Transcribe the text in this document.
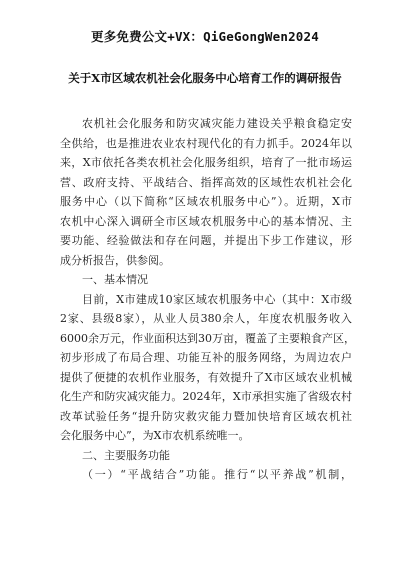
更多免费公文+VX：QiGeGongWen2024
关于X市区域农机社会化服务中心培育工作的调研报告
农机社会化服务和防灾减灾能力建设关乎粮食稳定安
全供给，也是推进农业农村现代化的有力抓手。2024年以
来，X市依托各类农机社会化服务组织，培育了一批市场运
营、政府支持、平战结合、指挥高效的区域性农机社会化
服务中心（以下简称“区域农机服务中心”）。近期，X市
农机中心深入调研全市区域农机服务中心的基本情况、主
要功能、经验做法和存在问题，并提出下步工作建议，形
成分析报告，供参阅。
一、基本情况
目前，X市建成10家区域农机服务中心（其中：X市级
2家、县级8家），从业人员380余人，年度农机服务收入
6000余万元，作业面积达到30万亩，覆盖了主要粮食产区，
初步形成了布局合理、功能互补的服务网络，为周边农户
提供了便捷的农机作业服务，有效提升了X市区域农业机械
化生产和防灾减灾能力。2024年，X市承担实施了省级农村
改革试验任务“提升防灾救灾能力暨加快培育区域农机社
会化服务中心”，为X市农机系统唯一。
二、主要服务功能
（一）“平战结合”功能。推行“以平养战”机制，
